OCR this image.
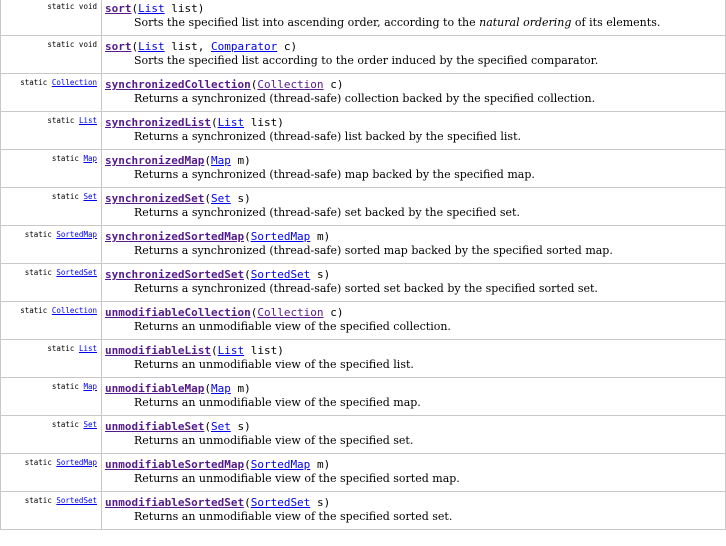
static void	sort(List list)
Sorts the specified list into ascending order, according to the natural ordering of its elements.

static void	sort(List list, Comparator c)
Sorts the specified list according to the order induced by the specified comparator.

static Collection	synchronizedCollection(Collection c)
Returns a synchronized (thread-safe) collection backed by the specified collection.

static List	synchronizedList(List list)
Returns a synchronized (thread-safe) list backed by the specified list.

static Map	synchronizedMap(Map m)
Returns a synchronized (thread-safe) map backed by the specified map.

static Set	synchronizedSet(Set s)
Returns a synchronized (thread-safe) set backed by the specified set.

static SortedMap	synchronizedSortedMap(SortedMap m)
Returns a synchronized (thread-safe) sorted map backed by the specified sorted map.

static SortedSet	synchronizedSortedSet(SortedSet s)
Returns a synchronized (thread-safe) sorted set backed by the specified sorted set.

static Collection	unmodifiableCollection(Collection c)
Returns an unmodifiable view of the specified collection.

static List	unmodifiableList(List list)
Returns an unmodifiable view of the specified list.

static Map	unmodifiableMap(Map m)
Returns an unmodifiable view of the specified map.

static Set	unmodifiableSet(Set s)
Returns an unmodifiable view of the specified set.

static SortedMap	unmodifiableSortedMap(SortedMap m)
Returns an unmodifiable view of the specified sorted map.

static SortedSet	unmodifiableSortedSet(SortedSet s)
Returns an unmodifiable view of the specified sorted set.
